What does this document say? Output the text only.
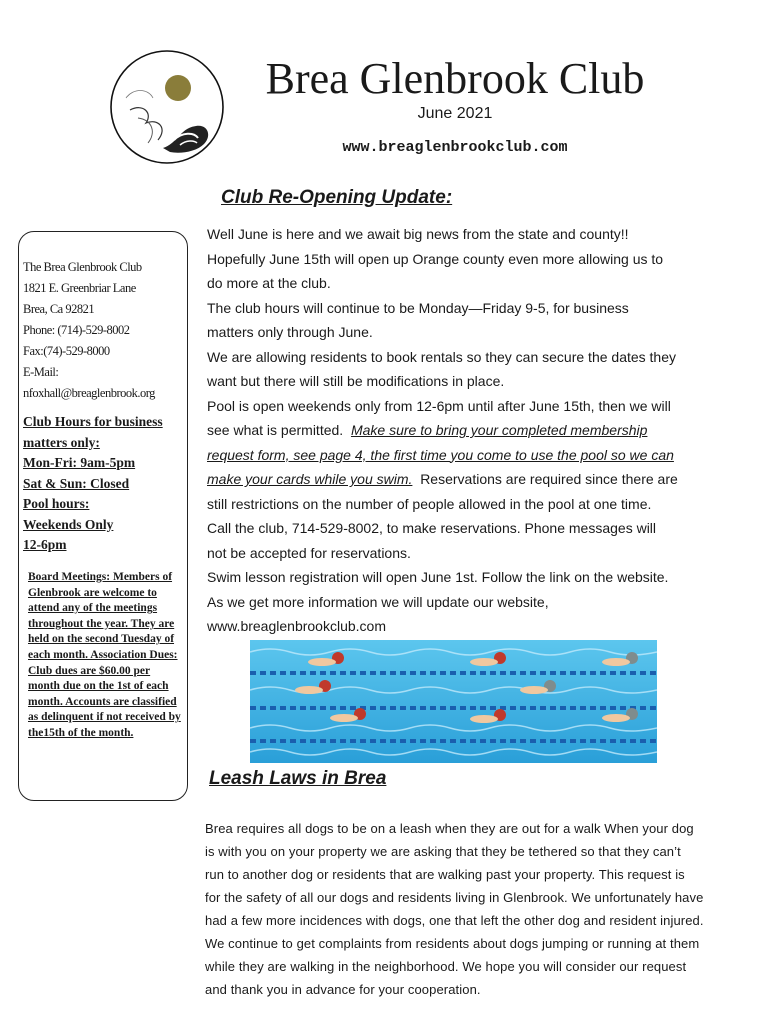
Brea Glenbrook Club
June 2021
www.breaglenbrookclub.com
Club Re-Opening Update:
The Brea Glenbrook Club
1821 E. Greenbriar Lane
Brea, Ca 92821
Phone: (714)-529-8002
Fax:(74)-529-8000
E-Mail:
nfoxhall@breaglenbrook.org
Club Hours for business
matters only:
Mon-Fri: 9am-5pm
Sat & Sun: Closed
Pool hours:
Weekends Only
12-6pm
Board Meetings: Members of Glenbrook are welcome to attend any of the meetings throughout the year. They are held on the second Tuesday of each month. Association Dues: Club dues are $60.00 per month due on the 1st of each month. Accounts are classified as delinquent if not received by the15th of the month.
Well June is here and we await big news from the state and county!!
Hopefully June 15th will open up Orange county even more allowing us to
do more at the club.
The club hours will continue to be Monday—Friday 9-5, for business
matters only through June.
We are allowing residents to book rentals so they can secure the dates they
want but there will still be modifications in place.
Pool is open weekends only from 12-6pm until after June 15th, then we will
see what is permitted. Make sure to bring your completed membership
request form, see page 4, the first time you come to use the pool so we can
make your cards while you swim. Reservations are required since there are
still restrictions on the number of people allowed in the pool at one time.
Call the club, 714-529-8002, to make reservations. Phone messages will
not be accepted for reservations.
Swim lesson registration will open June 1st. Follow the link on the website.
As we get more information we will update our website,
www.breaglenbrookclub.com
Leash Laws in Brea
Brea requires all dogs to be on a leash when they are out for a walk When your dog
is with you on your property we are asking that they be tethered so that they can’t
run to another dog or residents that are walking past your property. This request is
for the safety of all our dogs and residents living in Glenbrook. We unfortunately have
had a few more incidences with dogs, one that left the other dog and resident injured.
We continue to get complaints from residents about dogs jumping or running at them
while they are walking in the neighborhood. We hope you will consider our request
and thank you in advance for your cooperation.
